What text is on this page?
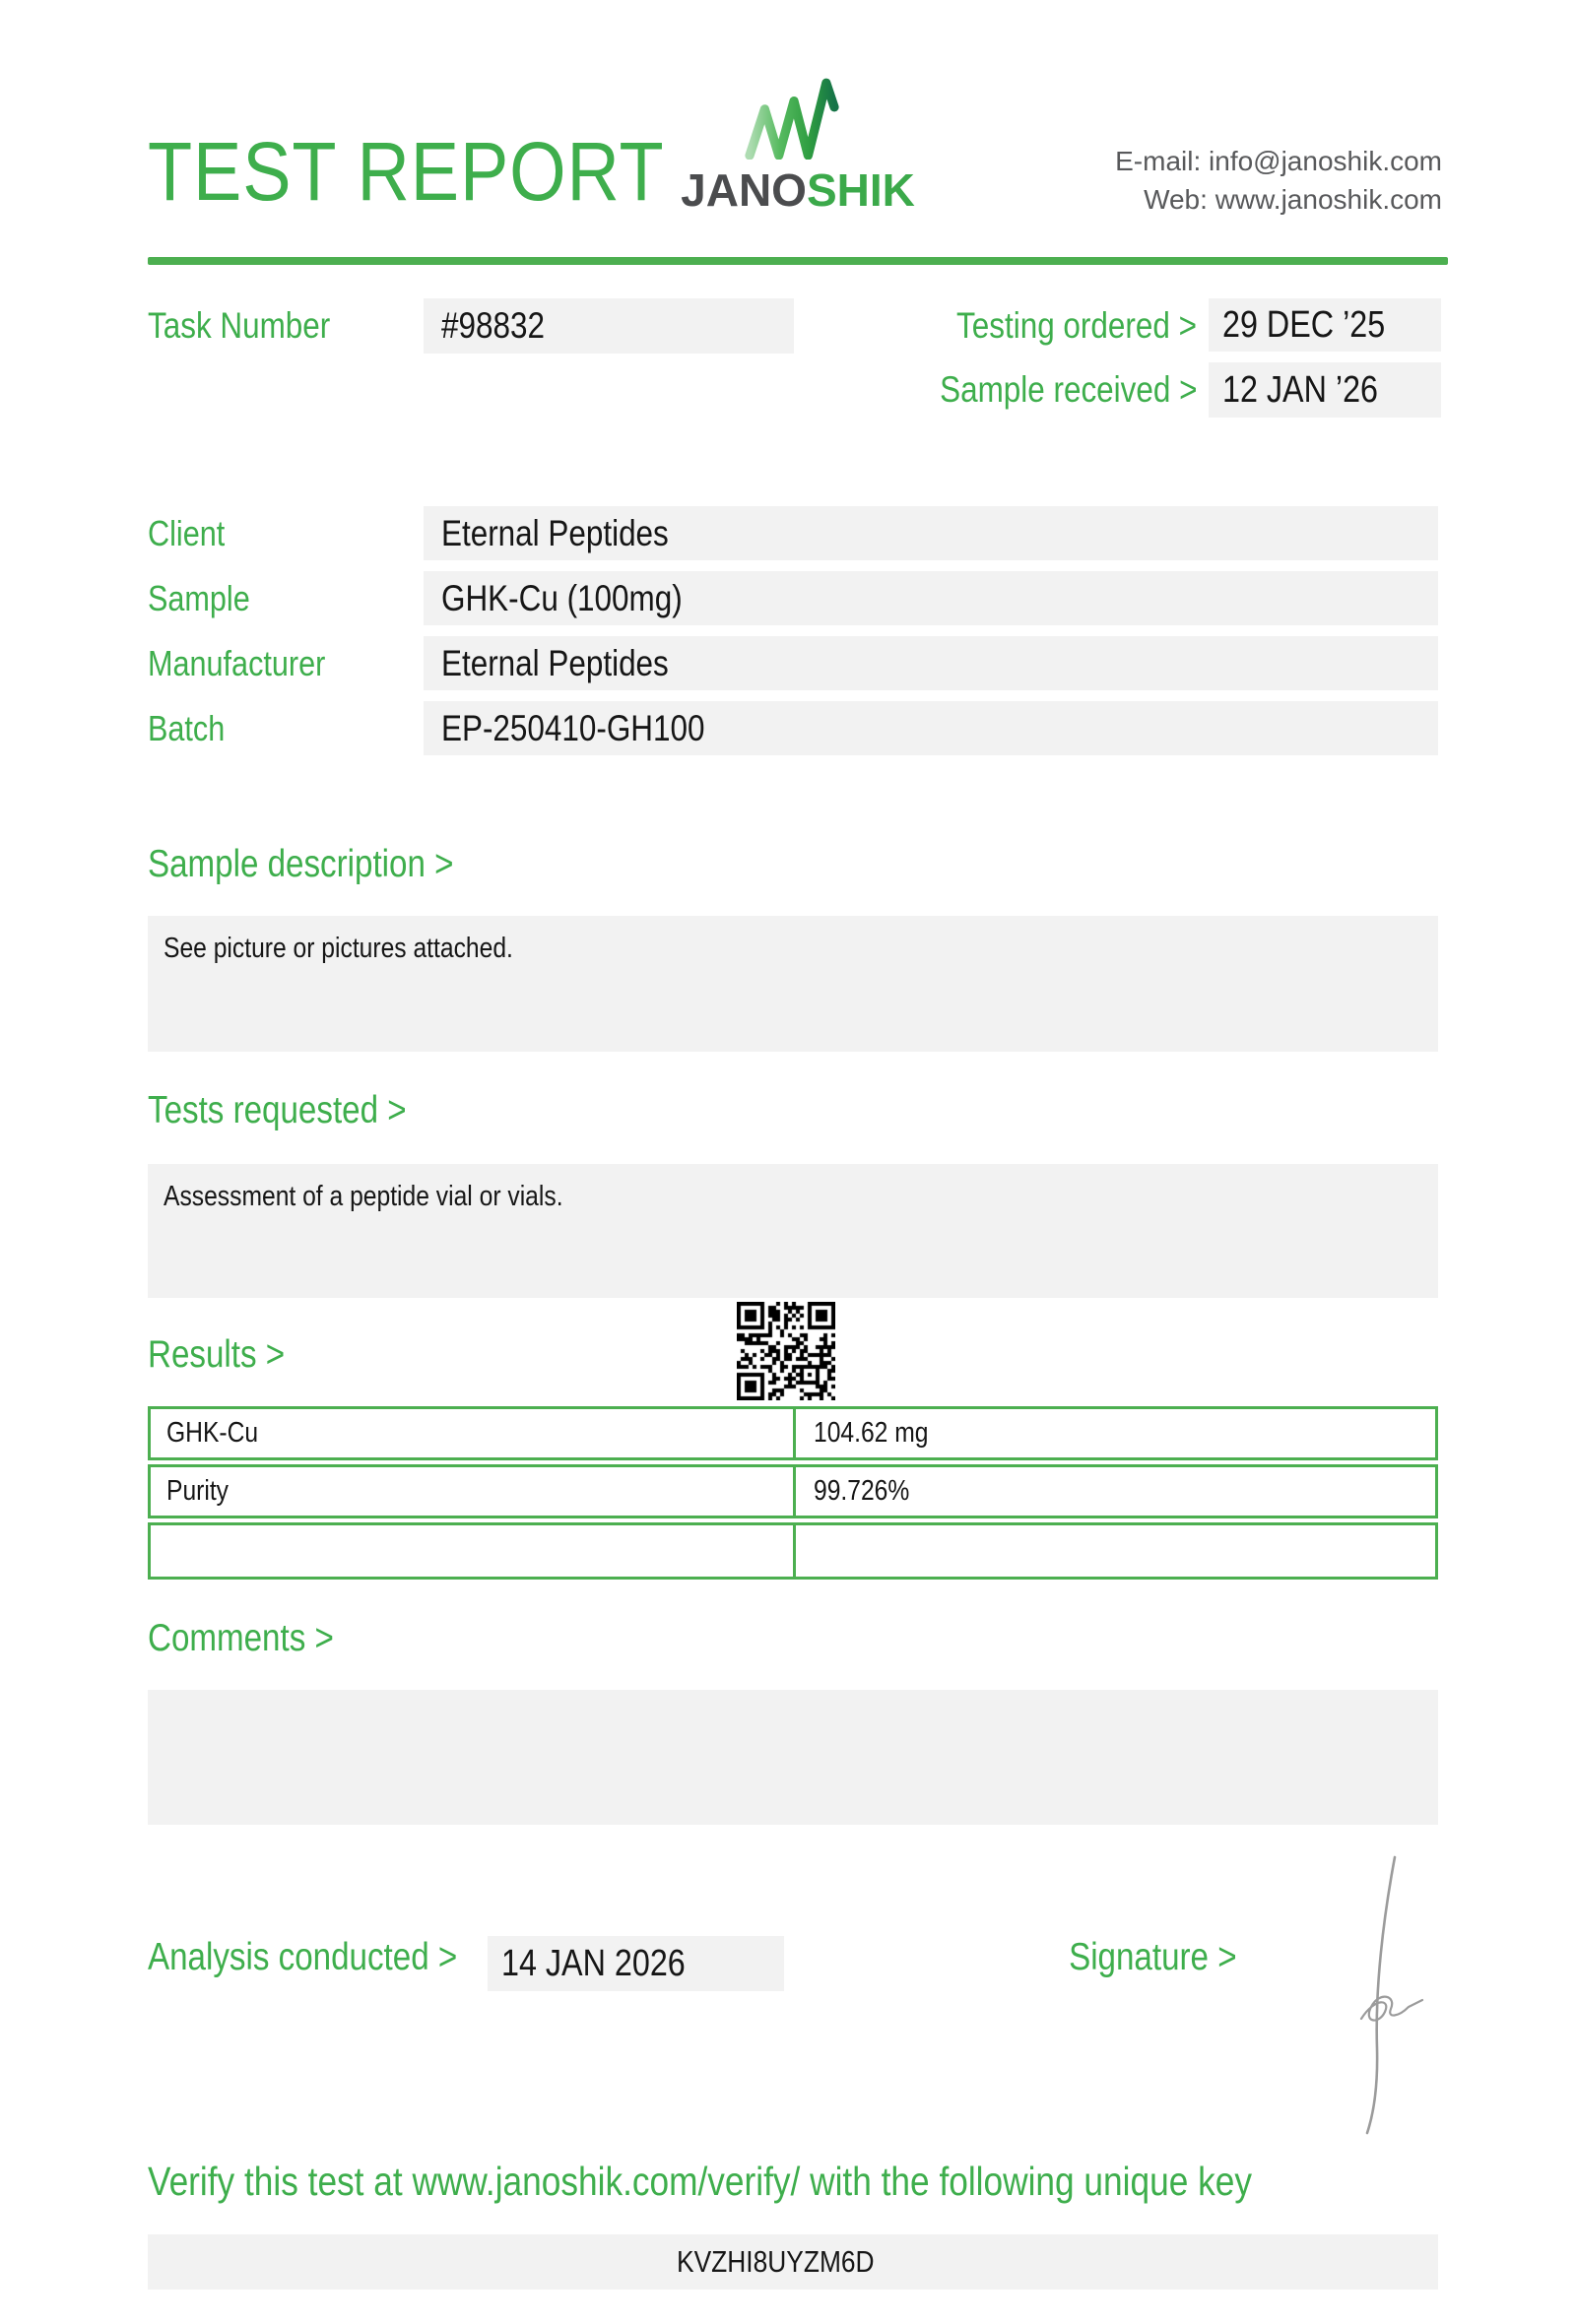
TEST REPORT JANOSHIK
E-mail: info@janoshik.com
Web: www.janoshik.com
Task Number	#98832	Testing ordered > 29 DEC ’25
Sample received > 12 JAN ’26
Client	Eternal Peptides
Sample	GHK-Cu (100mg)
Manufacturer	Eternal Peptides
Batch	EP-250410-GH100
Sample description >
See picture or pictures attached.
Tests requested >
Assessment of a peptide vial or vials.
Results >
GHK-Cu	104.62 mg
Purity	99.726%
Comments >
Analysis conducted >	14 JAN 2026	Signature >
Verify this test at www.janoshik.com/verify/ with the following unique key
KVZHI8UYZM6D
